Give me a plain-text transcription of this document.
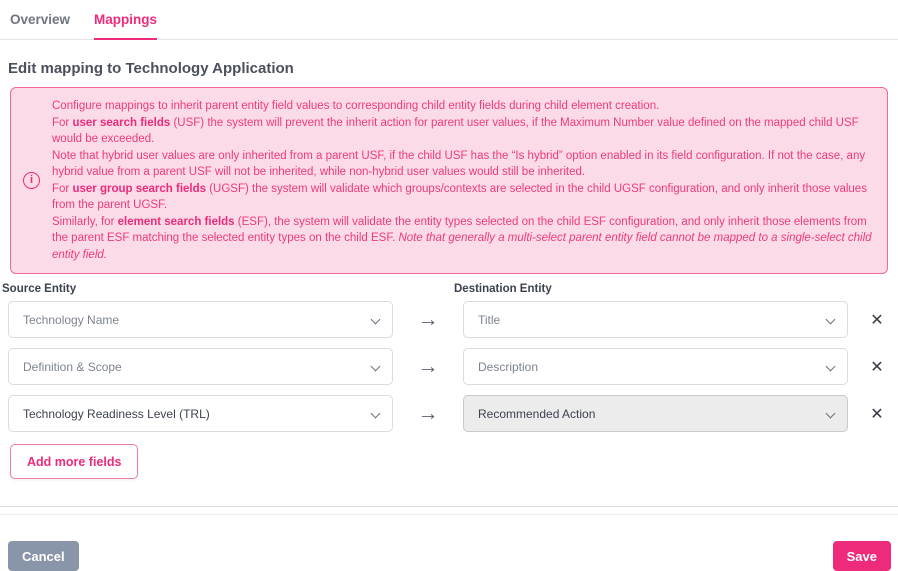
Overview Mappings
Edit mapping to Technology Application
i
Configure mappings to inherit parent entity field values to corresponding child entity fields during child element creation.
For user search fields (USF) the system will prevent the inherit action for parent user values, if the Maximum Number value defined on the mapped child USF would be exceeded.
Note that hybrid user values are only inherited from a parent USF, if the child USF has the “Is hybrid” option enabled in its field configuration. If not the case, any hybrid value from a parent USF will not be inherited, while non-hybrid user values would still be inherited.
For user group search fields (UGSF) the system will validate which groups/contexts are selected in the child UGSF configuration, and only inherit those values from the parent UGSF.
Similarly, for element search fields (ESF), the system will validate the entity types selected on the child ESF configuration, and only inherit those elements from the parent ESF matching the selected entity types on the child ESF. Note that generally a multi-select parent entity field cannot be mapped to a single-select child entity field.
Source Entity	Destination Entity
Technology Name	→	Title	✕
Definition & Scope	→	Description	✕
Technology Readiness Level (TRL)	→	Recommended Action	✕
Add more fields
Cancel	Save
